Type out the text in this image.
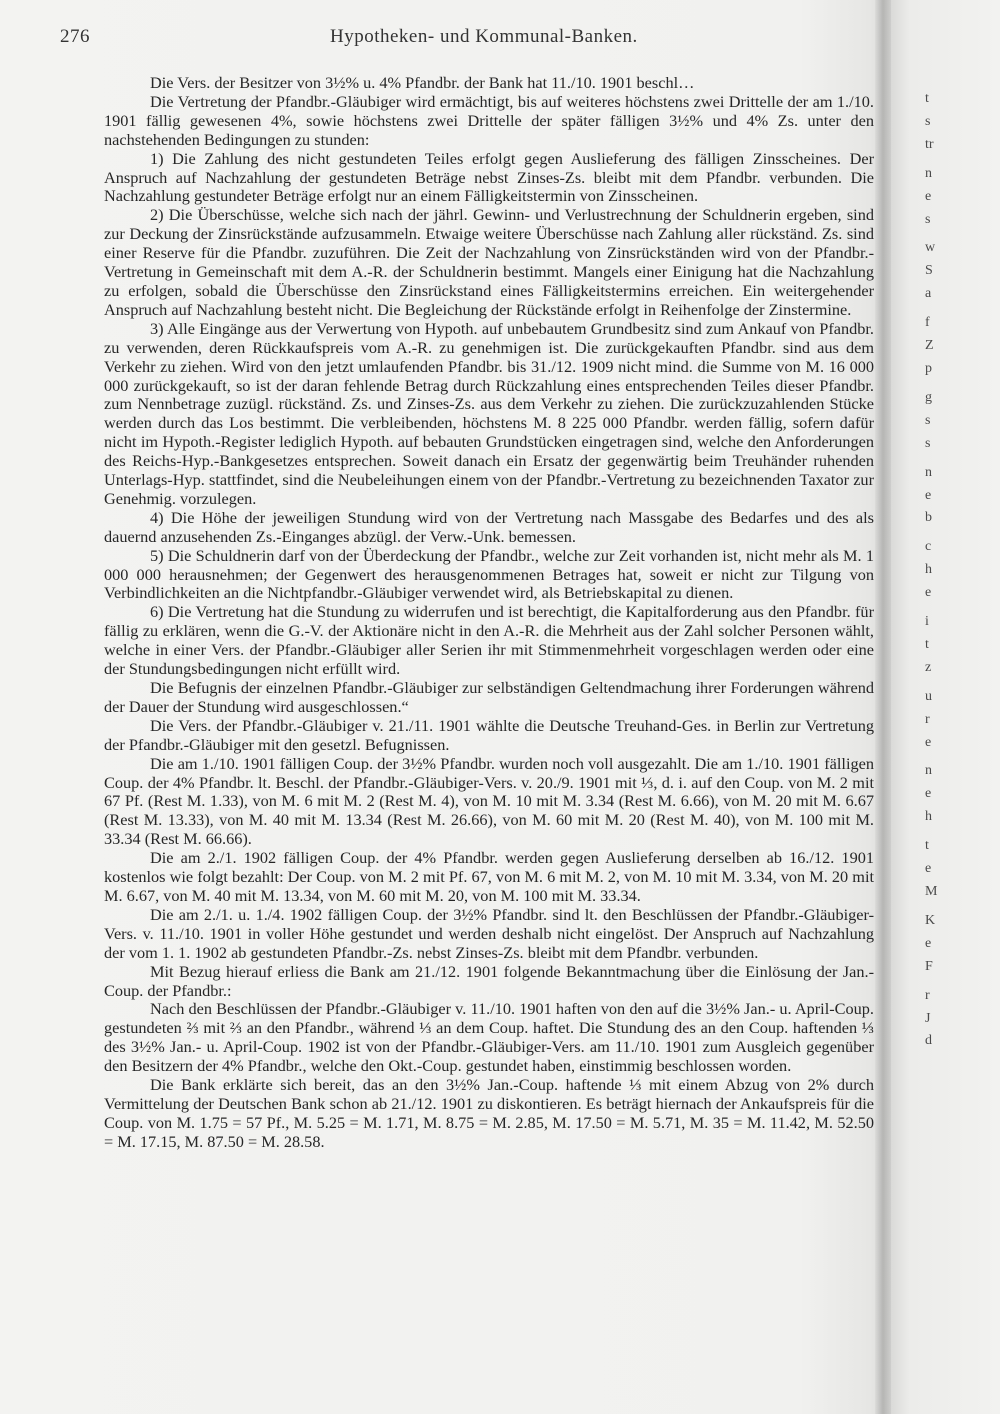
276	Hypotheken- und Kommunal-Banken.

Die Vers. der Besitzer von 3½% u. 4% Pfandbr. der Bank hat 11./10. 1901 beschl…

Die Vertretung der Pfandbr.-Gläubiger wird ermächtigt, bis auf weiteres höchstens zwei Drittelle der am 1./10. 1901 fällig gewesenen 4%, sowie höchstens zwei Drittelle der später fälligen 3½% und 4% Zs. unter den nachstehenden Bedingungen zu stunden:

1) Die Zahlung des nicht gestundeten Teiles erfolgt gegen Auslieferung des fälligen Zinsscheines. Der Anspruch auf Nachzahlung der gestundeten Beträge nebst Zinses-Zs. bleibt mit dem Pfandbr. verbunden. Die Nachzahlung gestundeter Beträge erfolgt nur an einem Fälligkeitstermin von Zinsscheinen.

2) Die Überschüsse, welche sich nach der jährl. Gewinn- und Verlustrechnung der Schuldnerin ergeben, sind zur Deckung der Zinsrückstände aufzusammeln. Etwaige weitere Überschüsse nach Zahlung aller rückständ. Zs. sind einer Reserve für die Pfandbr. zuzuführen. Die Zeit der Nachzahlung von Zinsrückständen wird von der Pfandbr.-Vertretung in Gemeinschaft mit dem A.-R. der Schuldnerin bestimmt. Mangels einer Einigung hat die Nachzahlung zu erfolgen, sobald die Überschüsse den Zinsrückstand eines Fälligkeitstermins erreichen. Ein weitergehender Anspruch auf Nachzahlung besteht nicht. Die Begleichung der Rückstände erfolgt in Reihenfolge der Zinstermine.

3) Alle Eingänge aus der Verwertung von Hypoth. auf unbebautem Grundbesitz sind zum Ankauf von Pfandbr. zu verwenden, deren Rückkaufspreis vom A.-R. zu genehmigen ist. Die zurückgekauften Pfandbr. sind aus dem Verkehr zu ziehen. Wird von den jetzt umlaufenden Pfandbr. bis 31./12. 1909 nicht mind. die Summe von M. 16 000 000 zurückgekauft, so ist der daran fehlende Betrag durch Rückzahlung eines entsprechenden Teiles dieser Pfandbr. zum Nennbetrage zuzügl. rückständ. Zs. und Zinses-Zs. aus dem Verkehr zu ziehen. Die zurückzuzahlenden Stücke werden durch das Los bestimmt. Die verbleibenden, höchstens M. 8 225 000 Pfandbr. werden fällig, sofern dafür nicht im Hypoth.-Register lediglich Hypoth. auf bebauten Grundstücken eingetragen sind, welche den Anforderungen des Reichs-Hyp.-Bankgesetzes entsprechen. Soweit danach ein Ersatz der gegenwärtig beim Treuhänder ruhenden Unterlags-Hyp. stattfindet, sind die Neubeleihungen einem von der Pfandbr.-Vertretung zu bezeichnenden Taxator zur Genehmig. vorzulegen.

4) Die Höhe der jeweiligen Stundung wird von der Vertretung nach Massgabe des Bedarfes und des als dauernd anzusehenden Zs.-Einganges abzügl. der Verw.-Unk. bemessen.

5) Die Schuldnerin darf von der Überdeckung der Pfandbr., welche zur Zeit vorhanden ist, nicht mehr als M. 1 000 000 herausnehmen; der Gegenwert des herausgenommenen Betrages hat, soweit er nicht zur Tilgung von Verbindlichkeiten an die Nichtpfandbr.-Gläubiger verwendet wird, als Betriebskapital zu dienen.

6) Die Vertretung hat die Stundung zu widerrufen und ist berechtigt, die Kapitalforderung aus den Pfandbr. für fällig zu erklären, wenn die G.-V. der Aktionäre nicht in den A.-R. die Mehrheit aus der Zahl solcher Personen wählt, welche in einer Vers. der Pfandbr.-Gläubiger aller Serien ihr mit Stimmenmehrheit vorgeschlagen werden oder eine der Stundungsbedingungen nicht erfüllt wird.

Die Befugnis der einzelnen Pfandbr.-Gläubiger zur selbständigen Geltendmachung ihrer Forderungen während der Dauer der Stundung wird ausgeschlossen.“

Die Vers. der Pfandbr.-Gläubiger v. 21./11. 1901 wählte die Deutsche Treuhand-Ges. in Berlin zur Vertretung der Pfandbr.-Gläubiger mit den gesetzl. Befugnissen.

Die am 1./10. 1901 fälligen Coup. der 3½% Pfandbr. wurden noch voll ausgezahlt. Die am 1./10. 1901 fälligen Coup. der 4% Pfandbr. lt. Beschl. der Pfandbr.-Gläubiger-Vers. v. 20./9. 1901 mit ⅓, d. i. auf den Coup. von M. 2 mit 67 Pf. (Rest M. 1.33), von M. 6 mit M. 2 (Rest M. 4), von M. 10 mit M. 3.34 (Rest M. 6.66), von M. 20 mit M. 6.67 (Rest M. 13.33), von M. 40 mit M. 13.34 (Rest M. 26.66), von M. 60 mit M. 20 (Rest M. 40), von M. 100 mit M. 33.34 (Rest M. 66.66).

Die am 2./1. 1902 fälligen Coup. der 4% Pfandbr. werden gegen Auslieferung derselben ab 16./12. 1901 kostenlos wie folgt bezahlt: Der Coup. von M. 2 mit Pf. 67, von M. 6 mit M. 2, von M. 10 mit M. 3.34, von M. 20 mit M. 6.67, von M. 40 mit M. 13.34, von M. 60 mit M. 20, von M. 100 mit M. 33.34.

Die am 2./1. u. 1./4. 1902 fälligen Coup. der 3½% Pfandbr. sind lt. den Beschlüssen der Pfandbr.-Gläubiger-Vers. v. 11./10. 1901 in voller Höhe gestundet und werden deshalb nicht eingelöst. Der Anspruch auf Nachzahlung der vom 1. 1. 1902 ab gestundeten Pfandbr.-Zs. nebst Zinses-Zs. bleibt mit dem Pfandbr. verbunden.

Mit Bezug hierauf erliess die Bank am 21./12. 1901 folgende Bekanntmachung über die Einlösung der Jan.-Coup. der Pfandbr.:

Nach den Beschlüssen der Pfandbr.-Gläubiger v. 11./10. 1901 haften von den auf die 3½% Jan.- u. April-Coup. gestundeten ⅔ mit ⅔ an den Pfandbr., während ⅓ an dem Coup. haftet. Die Stundung des an den Coup. haftenden ⅓ des 3½% Jan.- u. April-Coup. 1902 ist von der Pfandbr.-Gläubiger-Vers. am 11./10. 1901 zum Ausgleich gegenüber den Besitzern der 4% Pfandbr., welche den Okt.-Coup. gestundet haben, einstimmig beschlossen worden.

Die Bank erklärte sich bereit, das an den 3½% Jan.-Coup. haftende ⅓ mit einem Abzug von 2% durch Vermittelung der Deutschen Bank schon ab 21./12. 1901 zu diskontieren. Es beträgt hiernach der Ankaufspreis für die Coup. von M. 1.75 = 57 Pf., M. 5.25 = M. 1.71, M. 8.75 = M. 2.85, M. 17.50 = M. 5.71, M. 35 = M. 11.42, M. 52.50 = M. 17.15, M. 87.50 = M. 28.58.

t
s
tr
n
e
s
w
S
a
f
Z
p
g
s
s
n
e
b
c
h
e
i
t
z
u
r
e
n
e
h
t
e
M
K
e
F
r
J
d
